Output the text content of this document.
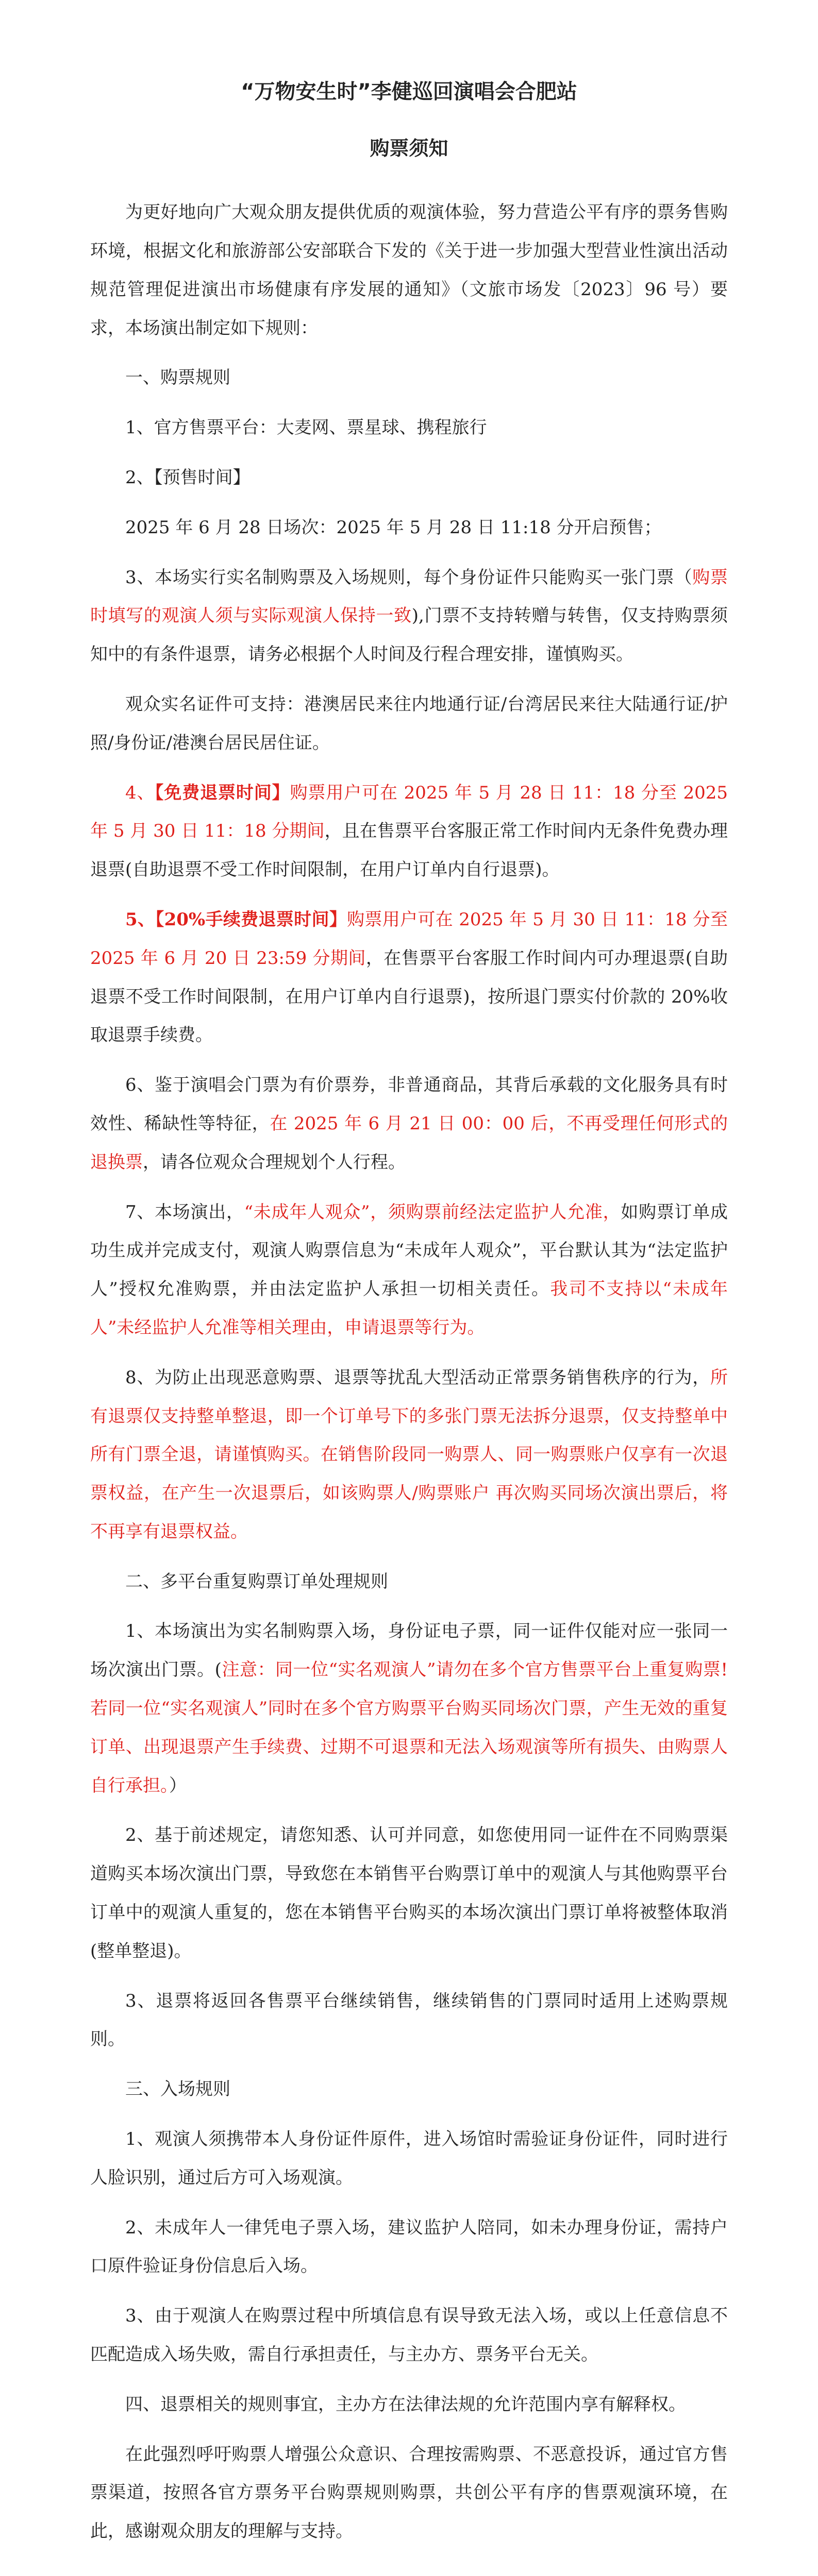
“万物安生时”李健巡回演唱会合肥站
购票须知

为更好地向广大观众朋友提供优质的观演体验，努力营造公平有序的票务售购环境，根据文化和旅游部公安部联合下发的《关于进一步加强大型营业性演出活动规范管理促进演出市场健康有序发展的通知》（文旅市场发〔2023〕96 号）要求，本场演出制定如下规则：

一、购票规则

1、官方售票平台：大麦网、票星球、携程旅行

2、【预售时间】

2025 年 6 月 28 日场次：2025 年 5 月 28 日 11:18 分开启预售；

3、本场实行实名制购票及入场规则，每个身份证件只能购买一张门票（购票时填写的观演人须与实际观演人保持一致),门票不支持转赠与转售，仅支持购票须知中的有条件退票，请务必根据个人时间及行程合理安排，谨慎购买。

观众实名证件可支持：港澳居民来往内地通行证/台湾居民来往大陆通行证/护照/身份证/港澳台居民居住证。

4、【免费退票时间】购票用户可在 2025 年 5 月 28 日 11：18 分至 2025 年 5 月 30 日 11：18 分期间，且在售票平台客服正常工作时间内无条件免费办理退票(自助退票不受工作时间限制，在用户订单内自行退票)。

5、【20%手续费退票时间】购票用户可在 2025 年 5 月 30 日 11：18 分至 2025 年 6 月 20 日 23:59 分期间，在售票平台客服工作时间内可办理退票(自助退票不受工作时间限制，在用户订单内自行退票)，按所退门票实付价款的 20%收取退票手续费。

6、鉴于演唱会门票为有价票券，非普通商品，其背后承载的文化服务具有时效性、稀缺性等特征，在 2025 年 6 月 21 日 00：00 后，不再受理任何形式的退换票，请各位观众合理规划个人行程。

7、本场演出，“未成年人观众”，须购票前经法定监护人允准，如购票订单成功生成并完成支付，观演人购票信息为“未成年人观众”，平台默认其为“法定监护人”授权允准购票，并由法定监护人承担一切相关责任。我司不支持以“未成年人”未经监护人允准等相关理由，申请退票等行为。

8、为防止出现恶意购票、退票等扰乱大型活动正常票务销售秩序的行为，所有退票仅支持整单整退，即一个订单号下的多张门票无法拆分退票，仅支持整单中所有门票全退，请谨慎购买。在销售阶段同一购票人、同一购票账户仅享有一次退票权益，在产生一次退票后，如该购票人/购票账户 再次购买同场次演出票后，将不再享有退票权益。

二、多平台重复购票订单处理规则

1、本场演出为实名制购票入场，身份证电子票，同一证件仅能对应一张同一场次演出门票。(注意：同一位“实名观演人”请勿在多个官方售票平台上重复购票!若同一位“实名观演人”同时在多个官方购票平台购买同场次门票，产生无效的重复订单、出现退票产生手续费、过期不可退票和无法入场观演等所有损失、由购票人自行承担。）

2、基于前述规定，请您知悉、认可并同意，如您使用同一证件在不同购票渠道购买本场次演出门票，导致您在本销售平台购票订单中的观演人与其他购票平台订单中的观演人重复的，您在本销售平台购买的本场次演出门票订单将被整体取消(整单整退)。

3、退票将返回各售票平台继续销售，继续销售的门票同时适用上述购票规则。

三、入场规则

1、观演人须携带本人身份证件原件，进入场馆时需验证身份证件，同时进行人脸识别，通过后方可入场观演。

2、未成年人一律凭电子票入场，建议监护人陪同，如未办理身份证，需持户口原件验证身份信息后入场。

3、由于观演人在购票过程中所填信息有误导致无法入场，或以上任意信息不匹配造成入场失败，需自行承担责任，与主办方、票务平台无关。

四、退票相关的规则事宜，主办方在法律法规的允许范围内享有解释权。

在此强烈呼吁购票人增强公众意识、合理按需购票、不恶意投诉，通过官方售票渠道，按照各官方票务平台购票规则购票，共创公平有序的售票观演环境，在此，感谢观众朋友的理解与支持。
